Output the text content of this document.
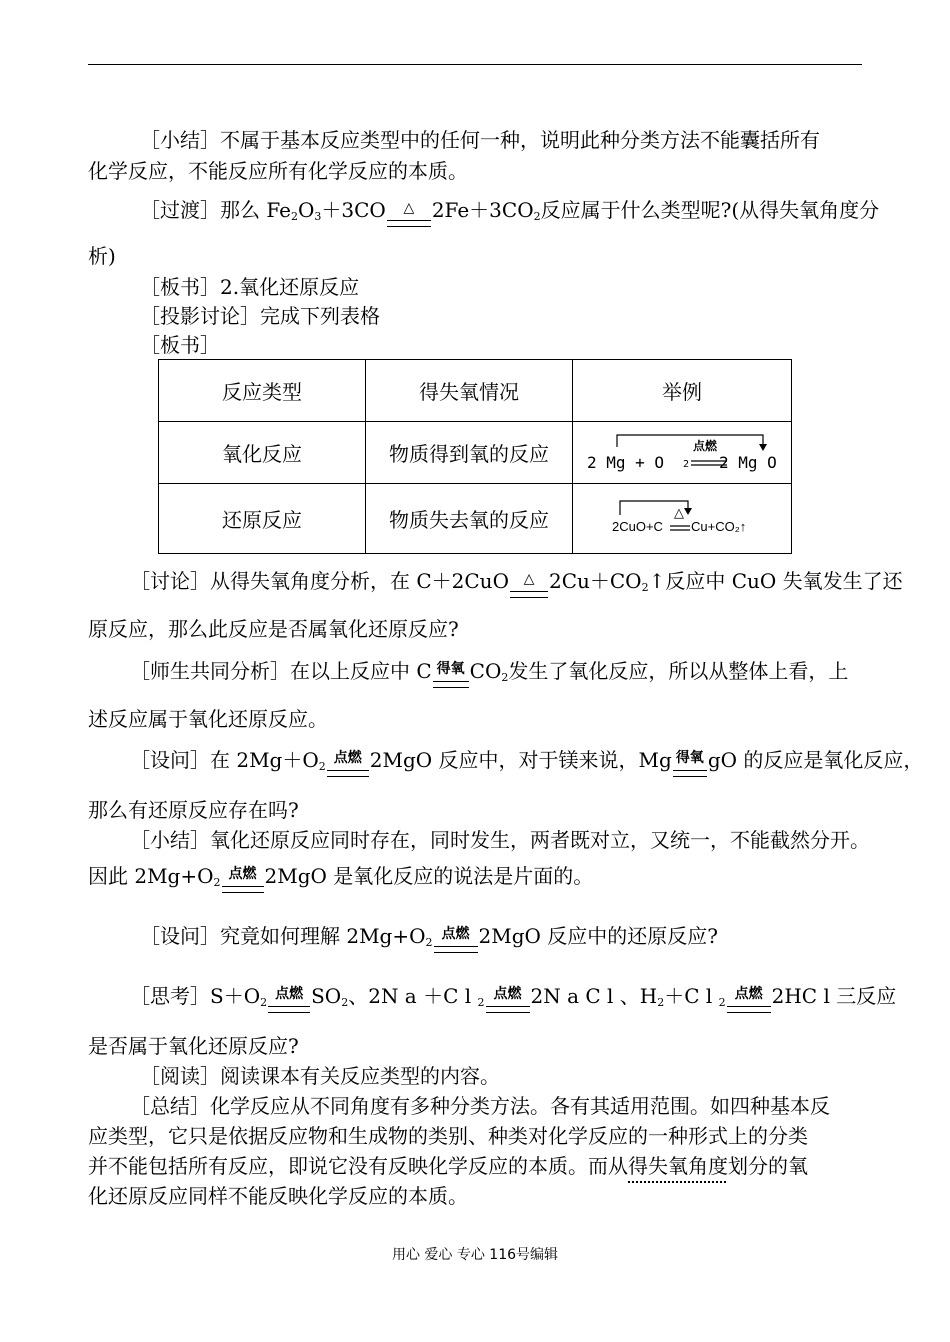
［小结］不属于基本反应类型中的任何一种，说明此种分类方法不能囊括所有
化学反应，不能反应所有化学反应的本质。
［过渡］那么 $Fe_2O_3+3CO$	△ $2Fe+3CO_2$反应属于什么类型呢?(从得失氧角度分
析)
［板书］2.氧化还原反应
［投影讨论］完成下列表格
［板书］
反应类型	得失氧情况	举例
氧化反应	物质得到氧的反应	2 Mg + O 2
点燃
2 Mg O

还原反应	物质失去氧的反应	2CuO+C
△
Cu+CO₂↑
［讨论］从得失氧角度分析，在 C＋2CuO	△ $2Cu+CO_2↑$反应中 CuO 失氧发生了还
原反应，那么此反应是否属氧化还原反应?
［师生共同分析］在以上反应中 C 得氧 $CO_2$发生了氧化反应，所以从整体上看，上
述反应属于氧化还原反应。
［设问］在 $2Mg+O_2$
点燃 2MgO 反应中，对于镁来说，Mg 得氧 gO 的反应是氧化反应，
那么有还原反应存在吗?
［小结］氧化还原反应同时存在，同时发生，两者既对立，又统一，不能截然分开。
因此 $2Mg+O_2$
点燃 2MgO 是氧化反应的说法是片面的。
［设问］究竟如何理解 $2Mg+O_2$
点燃 2MgO 反应中的还原反应?
［思考$]S+O_2$
点燃 $SO_2$、2N a ＋C l $_2$
点燃 2N a C l 、$H_2+C$ l $_2$
点燃 2HC l 三反应
是否属于氧化还原反应?
［阅读］阅读课本有关反应类型的内容。
［总结］化学反应从不同角度有多种分类方法。各有其适用范围。如四种基本反
应类型，它只是依据反应物和生成物的类别、种类对化学反应的一种形式上的分类
并不能包括所有反应，即说它没有反映化学反应的本质。而从得失氧角度划分的氧
化还原反应同样不能反映化学反应的本质。
用心 爱心 专心 116号编辑
